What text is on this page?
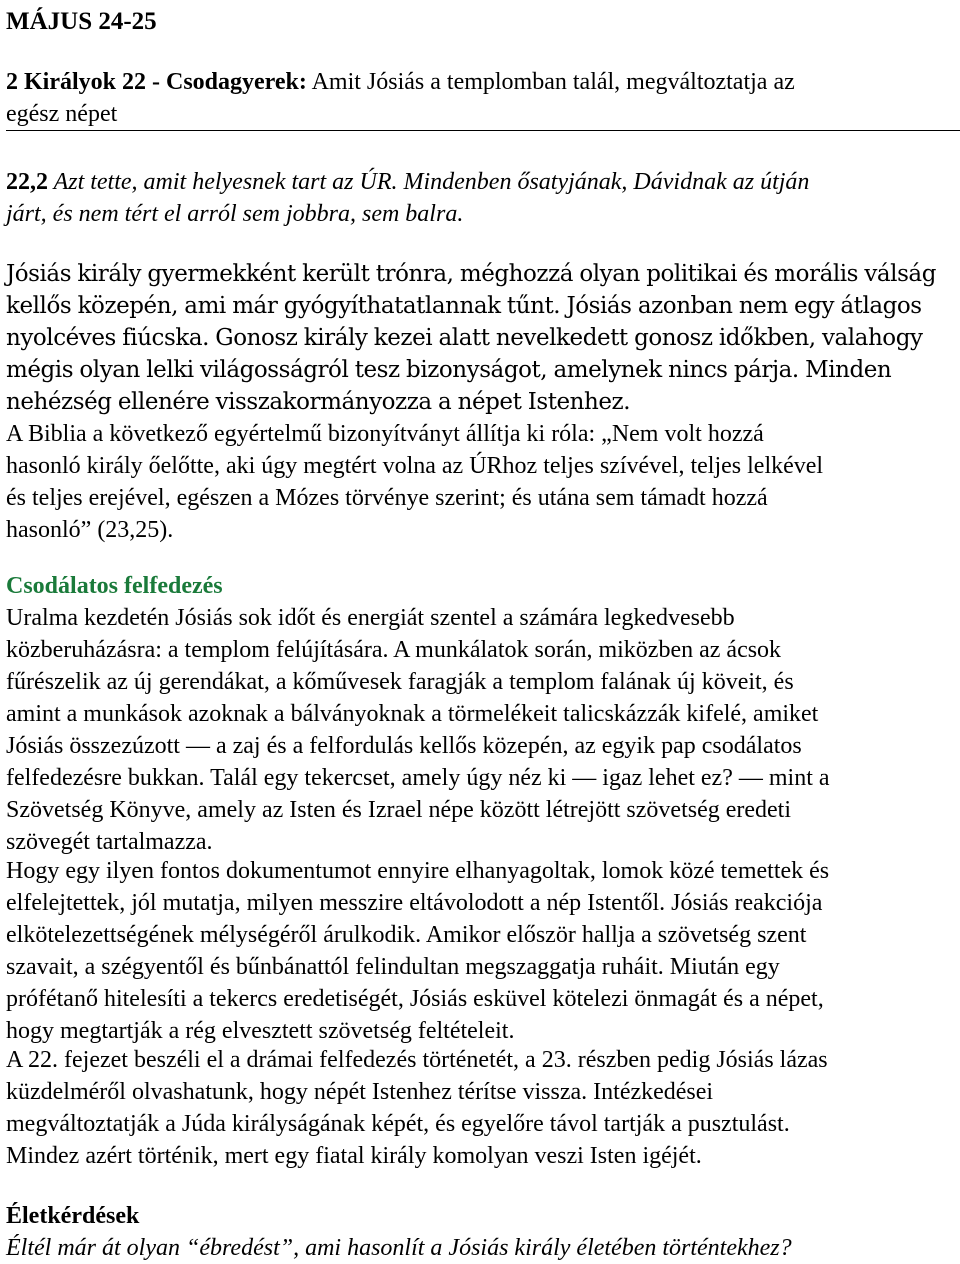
MÁJUS 24-25
2 Királyok 22 - Csodagyerek: Amit Jósiás a templomban talál, megváltoztatja az
egész népet
22,2 Azt tette, amit helyesnek tart az ÚR. Mindenben ősatyjának, Dávidnak az útján
járt, és nem tért el arról sem jobbra, sem balra.
Jósiás király gyermekként került trónra, méghozzá olyan politikai és morális válság
kellős közepén, ami már gyógyíthatatlannak tűnt. Jósiás azonban nem egy átlagos
nyolcéves fiúcska. Gonosz király kezei alatt nevelkedett gonosz időkben, valahogy
mégis olyan lelki világosságról tesz bizonyságot, amelynek nincs párja. Minden
nehézség ellenére visszakormányozza a népet Istenhez.
A Biblia a következő egyértelmű bizonyítványt állítja ki róla: „Nem volt hozzá
hasonló király őelőtte, aki úgy megtért volna az ÚRhoz teljes szívével, teljes lelkével
és teljes erejével, egészen a Mózes törvénye szerint; és utána sem támadt hozzá
hasonló” (23,25).
Csodálatos felfedezés
Uralma kezdetén Jósiás sok időt és energiát szentel a számára legkedvesebb
közberuházásra: a templom felújítására. A munkálatok során, miközben az ácsok
fűrészelik az új gerendákat, a kőművesek faragják a templom falának új köveit, és
amint a munkások azoknak a bálványoknak a törmelékeit talicskázzák kifelé, amiket
Jósiás összezúzott — a zaj és a felfordulás kellős közepén, az egyik pap csodálatos
felfedezésre bukkan. Talál egy tekercset, amely úgy néz ki — igaz lehet ez? — mint a
Szövetség Könyve, amely az Isten és Izrael népe között létrejött szövetség eredeti
szövegét tartalmazza.
Hogy egy ilyen fontos dokumentumot ennyire elhanyagoltak, lomok közé temettek és
elfelejtettek, jól mutatja, milyen messzire eltávolodott a nép Istentől. Jósiás reakciója
elkötelezettségének mélységéről árulkodik. Amikor először hallja a szövetség szent
szavait, a szégyentől és bűnbánattól felindultan megszaggatja ruháit. Miután egy
prófétanő hitelesíti a tekercs eredetiségét, Jósiás esküvel kötelezi önmagát és a népet,
hogy megtartják a rég elvesztett szövetség feltételeit.
A 22. fejezet beszéli el a drámai felfedezés történetét, a 23. részben pedig Jósiás lázas
küzdelméről olvashatunk, hogy népét Istenhez térítse vissza. Intézkedései
megváltoztatják a Júda királyságának képét, és egyelőre távol tartják a pusztulást.
Mindez azért történik, mert egy fiatal király komolyan veszi Isten igéjét.
Életkérdések
Éltél már át olyan “ébredést”, ami hasonlít a Jósiás király életében történtekhez?
